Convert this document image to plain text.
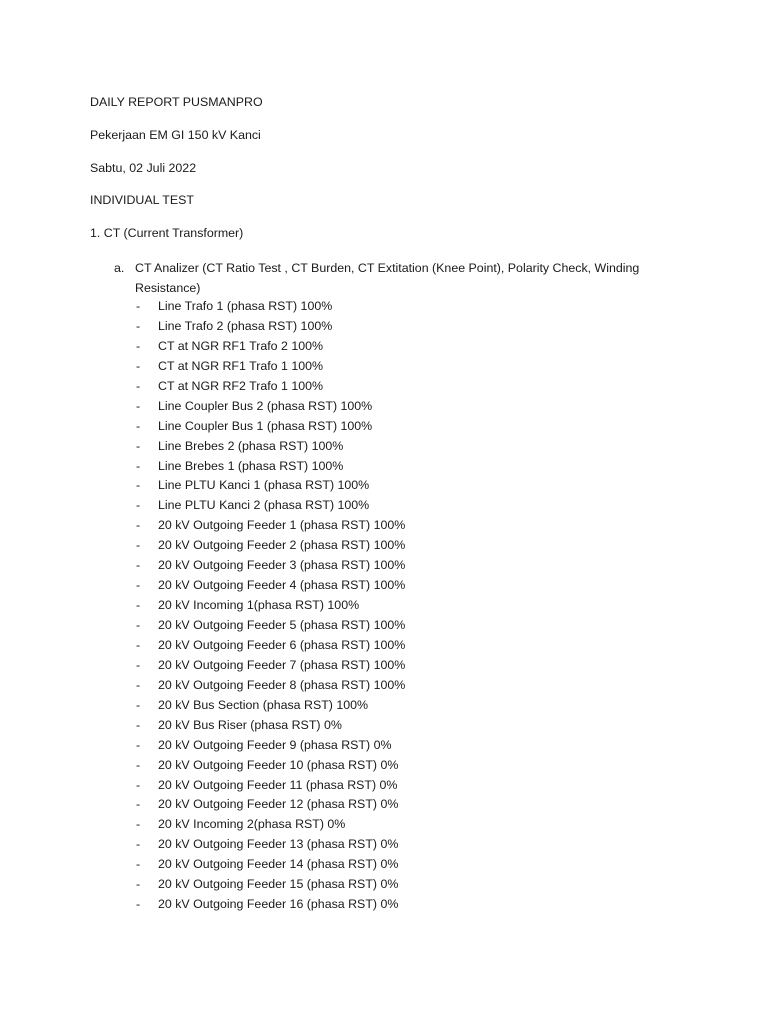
DAILY REPORT PUSMANPRO
Pekerjaan EM GI 150 kV Kanci
Sabtu, 02 Juli 2022
INDIVIDUAL TEST
1. CT (Current Transformer)
a. CT Analizer (CT Ratio Test , CT Burden, CT Extitation (Knee Point), Polarity Check, Winding Resistance)
- Line Trafo 1 (phasa RST) 100%
- Line Trafo 2 (phasa RST) 100%
- CT at NGR RF1 Trafo 2 100%
- CT at NGR RF1 Trafo 1 100%
- CT at NGR RF2 Trafo 1 100%
- Line Coupler Bus 2 (phasa RST) 100%
- Line Coupler Bus 1 (phasa RST) 100%
- Line Brebes 2 (phasa RST) 100%
- Line Brebes 1 (phasa RST) 100%
- Line PLTU Kanci 1 (phasa RST) 100%
- Line PLTU Kanci 2 (phasa RST) 100%
- 20 kV Outgoing Feeder 1 (phasa RST) 100%
- 20 kV Outgoing Feeder 2 (phasa RST) 100%
- 20 kV Outgoing Feeder 3 (phasa RST) 100%
- 20 kV Outgoing Feeder 4 (phasa RST) 100%
- 20 kV Incoming 1(phasa RST) 100%
- 20 kV Outgoing Feeder 5 (phasa RST) 100%
- 20 kV Outgoing Feeder 6 (phasa RST) 100%
- 20 kV Outgoing Feeder 7 (phasa RST) 100%
- 20 kV Outgoing Feeder 8 (phasa RST) 100%
- 20 kV Bus Section (phasa RST) 100%
- 20 kV Bus Riser (phasa RST) 0%
- 20 kV Outgoing Feeder 9 (phasa RST) 0%
- 20 kV Outgoing Feeder 10 (phasa RST) 0%
- 20 kV Outgoing Feeder 11 (phasa RST) 0%
- 20 kV Outgoing Feeder 12 (phasa RST) 0%
- 20 kV Incoming 2(phasa RST) 0%
- 20 kV Outgoing Feeder 13 (phasa RST) 0%
- 20 kV Outgoing Feeder 14 (phasa RST) 0%
- 20 kV Outgoing Feeder 15 (phasa RST) 0%
- 20 kV Outgoing Feeder 16 (phasa RST) 0%
